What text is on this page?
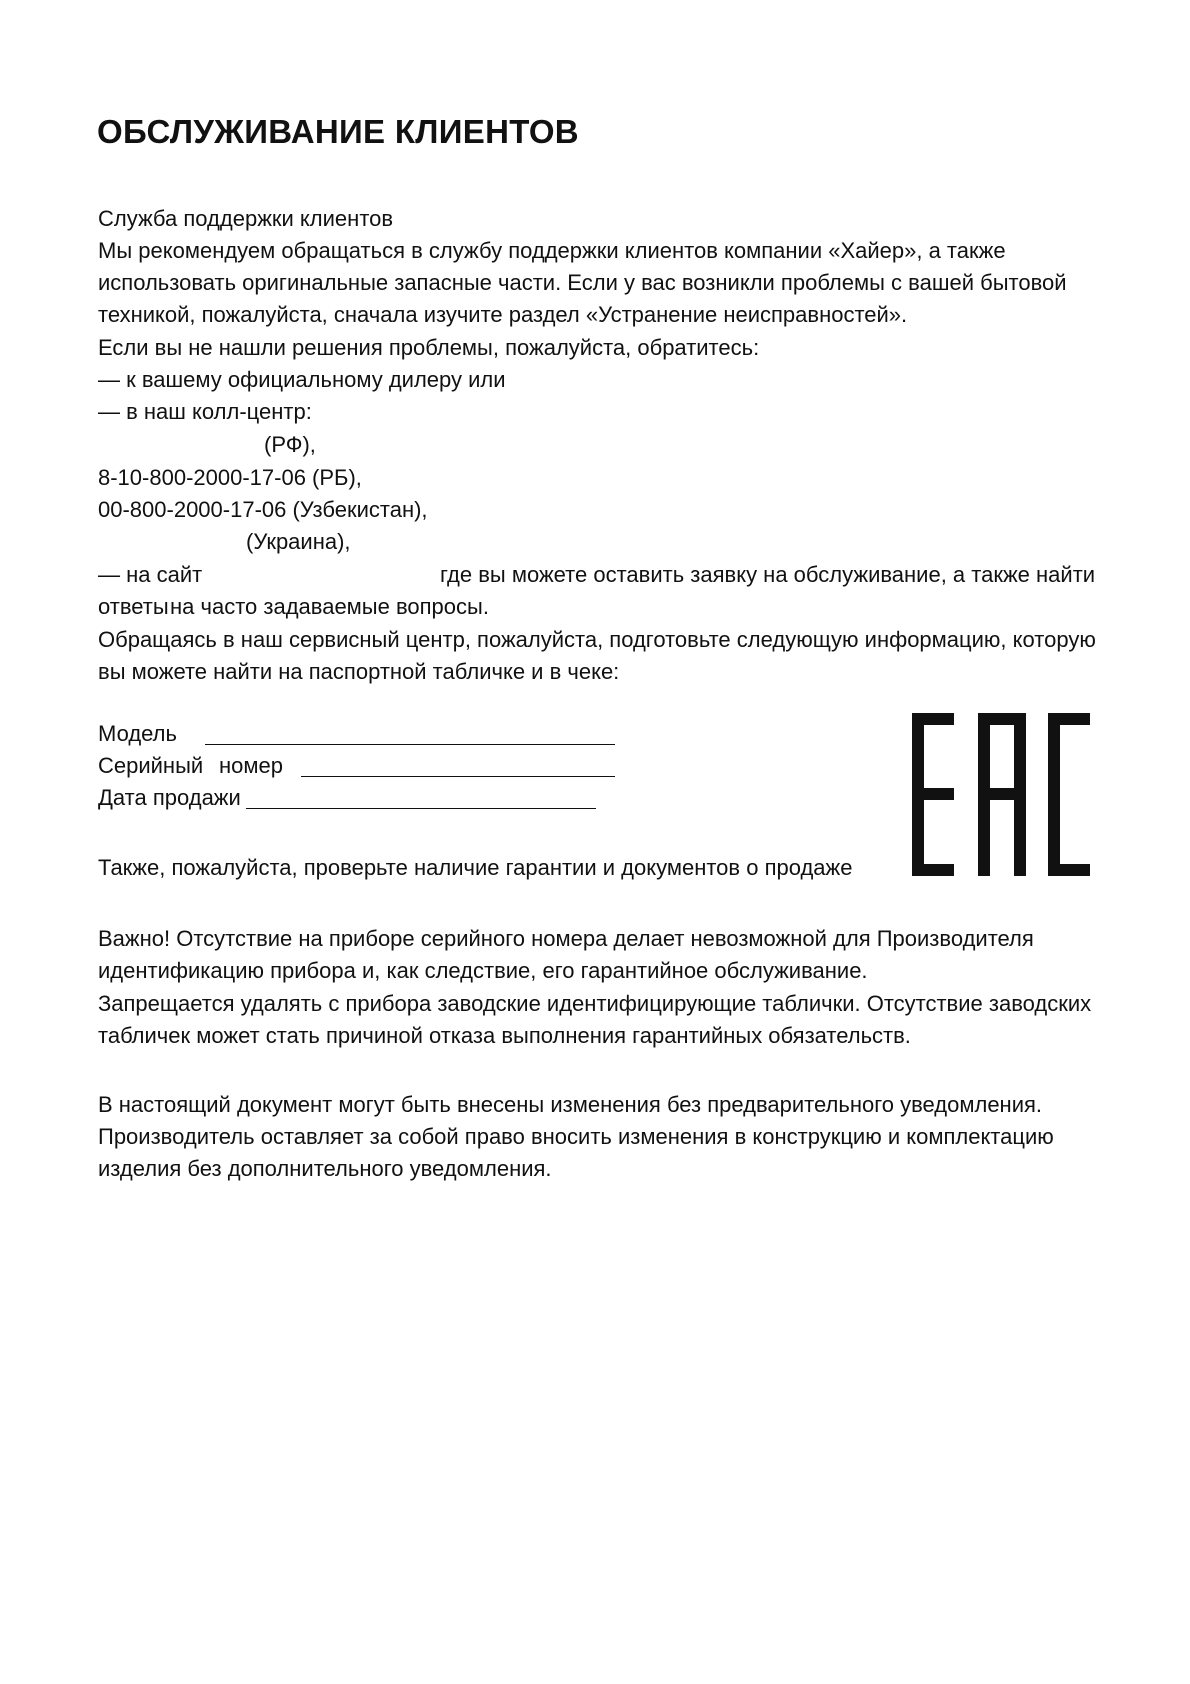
ОБСЛУЖИВАНИЕ КЛИЕНТОВ
Служба поддержки клиентов
Мы рекомендуем обращаться в службу поддержки клиентов компании «Хайер», а также
использовать оригинальные запасные части. Если у вас возникли проблемы с вашей бытовой
техникой, пожалуйста, сначала изучите раздел «Устранение неисправностей».
Если вы не нашли решения проблемы, пожалуйста, обратитесь:
— к вашему официальному дилеру или
— в наш колл-центр:
(РФ),
8-10-800-2000-17-06 (РБ),
00-800-2000-17-06 (Узбекистан),
(Украина),
— на сайт	где вы можете оставить заявку на обслуживание, а также найти
ответы на часто задаваемые вопросы.
Обращаясь в наш сервисный центр, пожалуйста, подготовьте следующую информацию, которую
вы можете найти на паспортной табличке и в чеке:
Модель
Серийный номер
Дата продажи
Также, пожалуйста, проверьте наличие гарантии и документов о продаже
Важно! Отсутствие на приборе серийного номера делает невозможной для Производителя
идентификацию прибора и, как следствие, его гарантийное обслуживание.
Запрещается удалять с прибора заводские идентифицирующие таблички. Отсутствие заводских
табличек может стать причиной отказа выполнения гарантийных обязательств.
В настоящий документ могут быть внесены изменения без предварительного уведомления.
Производитель оставляет за собой право вносить изменения в конструкцию и комплектацию
изделия без дополнительного уведомления.
